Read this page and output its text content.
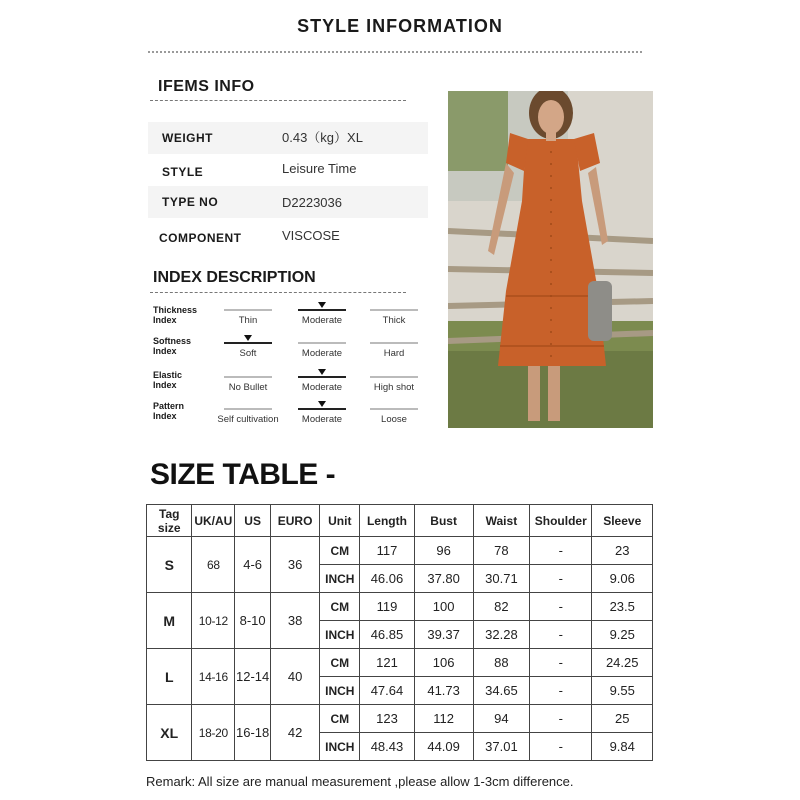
STYLE INFORMATION
IFEMS INFO
WEIGHT	0.43（kg）XL
STYLE	Leisure Time
TYPE NO	D2223036
COMPONENT	VISCOSE
INDEX DESCRIPTION
Thickness
Index	Thin	Moderate	Thick
Softness
Index	Soft	Moderate	Hard
Elastic
Index	No Bullet	Moderate	High shot
Pattern
Index	Self cultivation	Moderate	Loose
SIZE TABLE -
Tag size	UK/AU	US	EURO	Unit	Length	Bust	Waist	Shoulder	Sleeve
S	68	4-6	36	CM	117	96	78	-	23
				INCH	46.06	37.80	30.71	-	9.06
M	10-12	8-10	38	CM	119	100	82	-	23.5
				INCH	46.85	39.37	32.28	-	9.25
L	14-16	12-14	40	CM	121	106	88	-	24.25
				INCH	47.64	41.73	34.65	-	9.55
XL	18-20	16-18	42	CM	123	112	94	-	25
				INCH	48.43	44.09	37.01	-	9.84
Remark: All size are manual measurement ,please allow 1-3cm difference.
